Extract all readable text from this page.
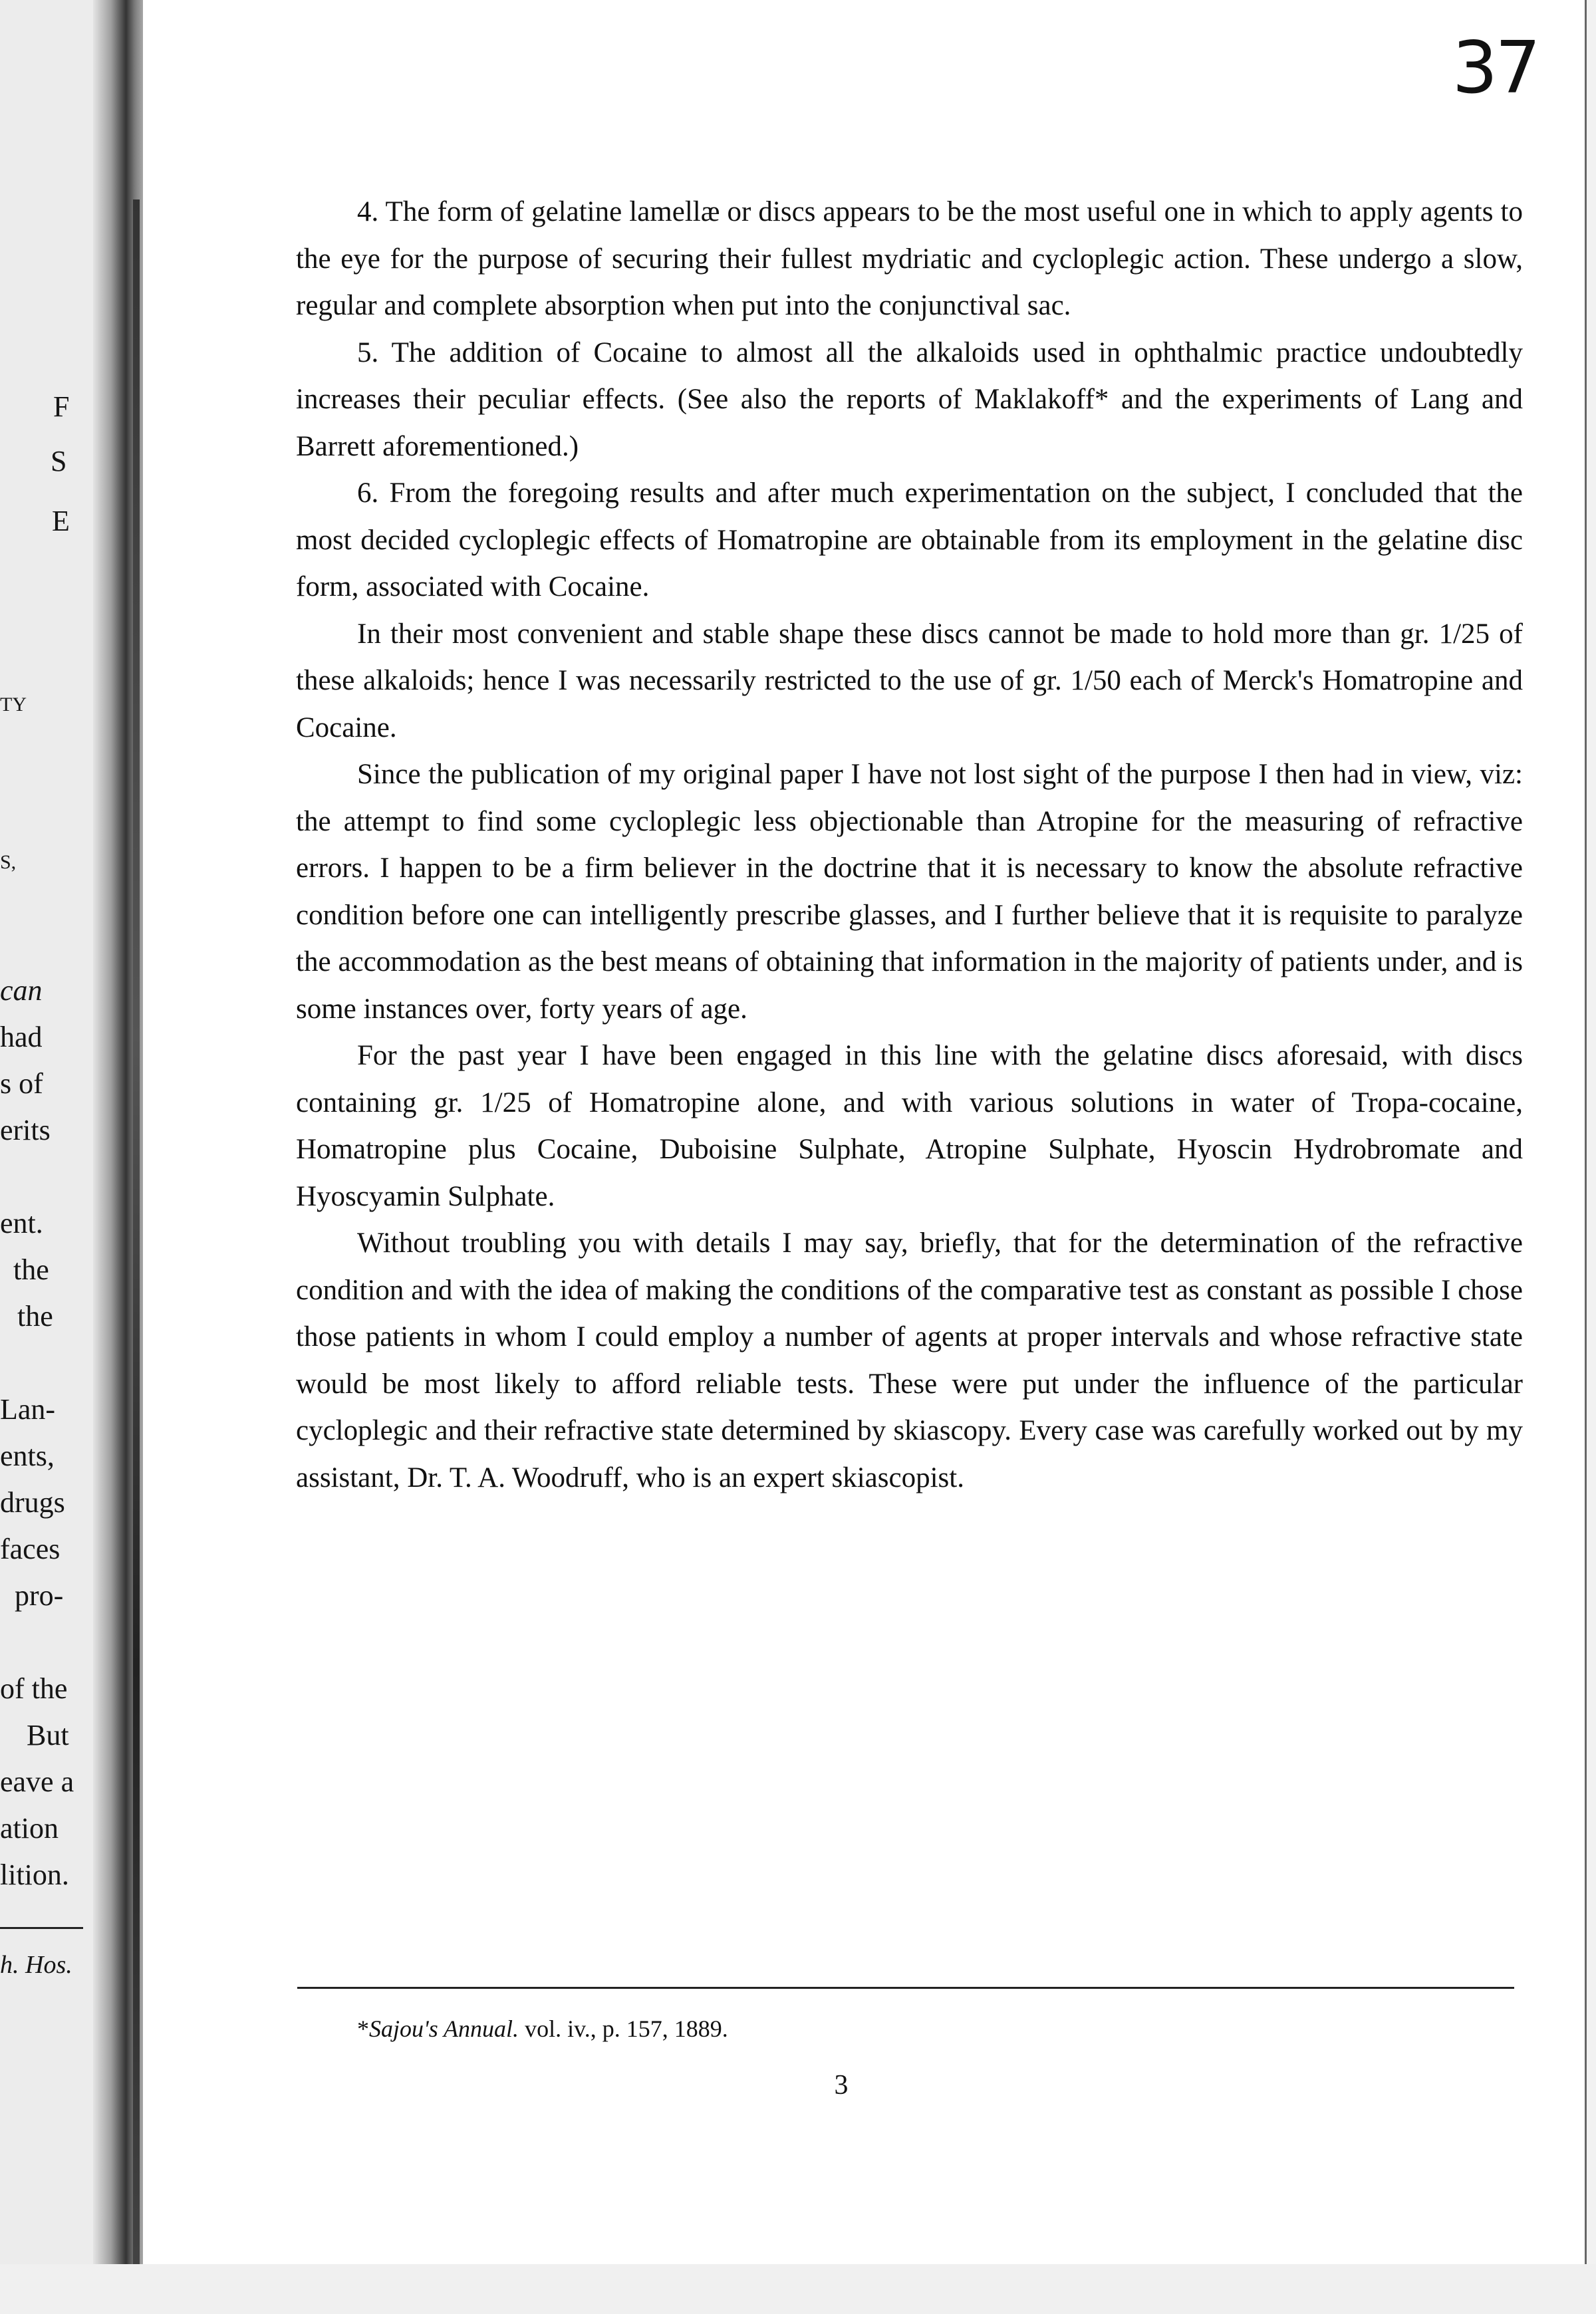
F
S
E
TY
S,
can
had
s of
erits
ent.
the
the
Lan-
ents,
drugs
faces
pro-
of the
But
eave a
ation
lition.
h. Hos.
37

4. The form of gelatine lamellæ or discs appears to be the most useful one in which to apply agents to the eye for the purpose of securing their fullest mydriatic and cycloplegic action. These undergo a slow, regular and complete absorption when put into the conjunctival sac.

5. The addition of Cocaine to almost all the alkaloids used in ophthalmic practice undoubtedly increases their peculiar effects. (See also the reports of Maklakoff* and the experiments of Lang and Barrett aforementioned.)

6. From the foregoing results and after much experimentation on the subject, I concluded that the most decided cycloplegic effects of Homatropine are obtainable from its employment in the gelatine disc form, associated with Cocaine.

In their most convenient and stable shape these discs cannot be made to hold more than gr. 1/25 of these alkaloids; hence I was necessarily restricted to the use of gr. 1/50 each of Merck's Homatropine and Cocaine.

Since the publication of my original paper I have not lost sight of the purpose I then had in view, viz: the attempt to find some cycloplegic less objectionable than Atropine for the measuring of refractive errors. I happen to be a firm believer in the doctrine that it is necessary to know the absolute refractive condition before one can intelligently prescribe glasses, and I further believe that it is requisite to paralyze the accommodation as the best means of obtaining that information in the majority of patients under, and is some instances over, forty years of age.

For the past year I have been engaged in this line with the gelatine discs aforesaid, with discs containing gr. 1/25 of Homatropine alone, and with various solutions in water of Tropa-cocaine, Homatropine plus Cocaine, Duboisine Sulphate, Atropine Sulphate, Hyoscin Hydrobromate and Hyoscyamin Sulphate.

Without troubling you with details I may say, briefly, that for the determination of the refractive condition and with the idea of making the conditions of the comparative test as constant as possible I chose those patients in whom I could employ a number of agents at proper intervals and whose refractive state would be most likely to afford reliable tests. These were put under the influence of the particular cycloplegic and their refractive state determined by skiascopy. Every case was carefully worked out by my assistant, Dr. T. A. Woodruff, who is an expert skiascopist.

*Sajou's Annual. vol. iv., p. 157, 1889.
3
